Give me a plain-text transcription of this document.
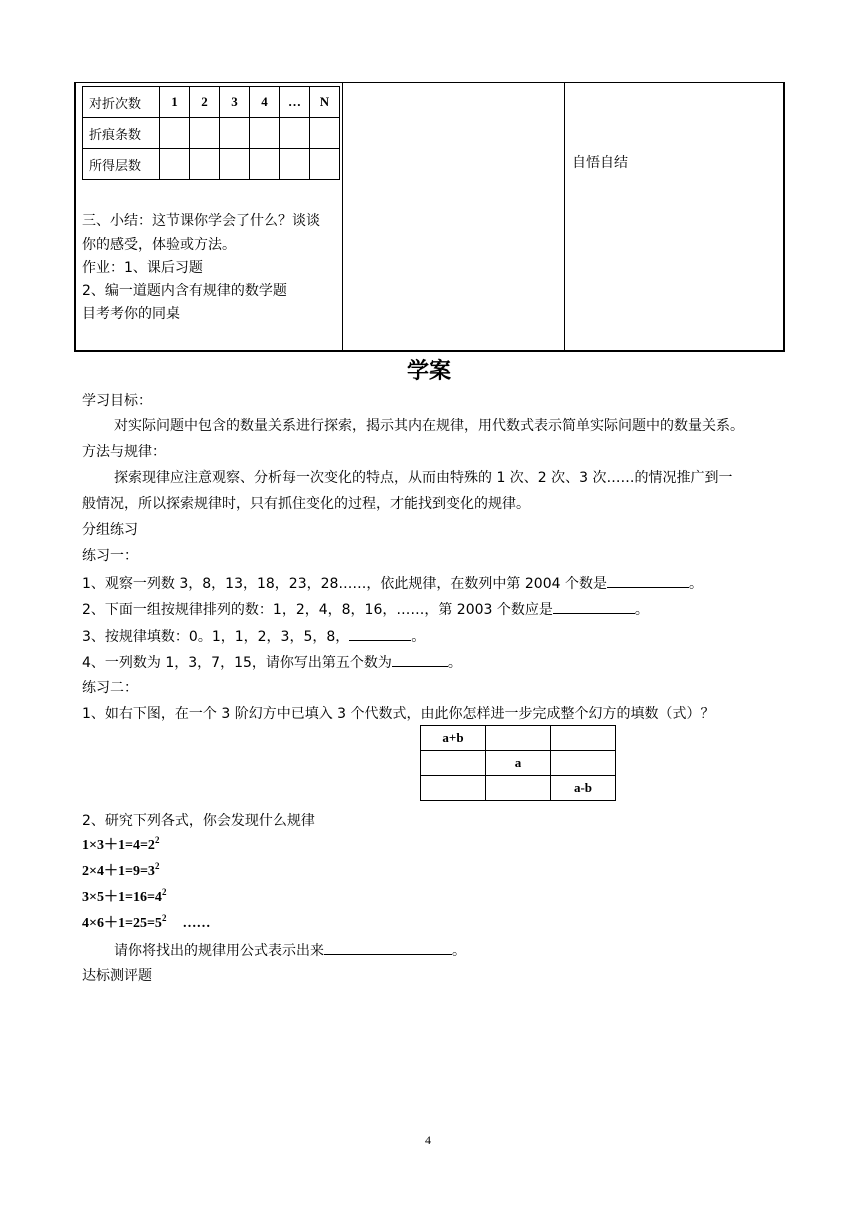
对折次数	1	2	3	4	…	N
折痕条数						
所得层数						
三、小结：这节课你学会了什么？谈谈
你的感受，体验或方法。
作业：1、课后习题
2、编一道题内含有规律的数学题
目考考你的同桌
自悟自结
学案
学习目标：
对实际问题中包含的数量关系进行探索，揭示其内在规律，用代数式表示简单实际问题中的数量关系。
方法与规律：
探索现律应注意观察、分析每一次变化的特点，从而由特殊的 1 次、2 次、3 次……的情况推广到一
般情况，所以探索规律时，只有抓住变化的过程，才能找到变化的规律。
分组练习
练习一：
1、观察一列数 3，8，13，18，23，28……，依此规律，在数列中第 2004 个数是	。
2、下面一组按规律排列的数：1，2，4，8，16，……，第 2003 个数应是	。
3、按规律填数：0。1，1，2，3，5，8，	。
4、一列数为 1，3，7，15，请你写出第五个数为	。
练习二：
1、如右下图，在一个 3 阶幻方中已填入 3 个代数式，由此你怎样进一步完成整个幻方的填数（式）？
a+b		
	a	
		a-b
2、研究下列各式，你会发现什么规律
$1\times 3+1=4=2^2$
$2\times 4+1=9=3^2$
$3\times 5+1=16=4^2$
$4\times 6+1=25=5^2$ ……
请你将找出的规律用公式表示出来	。
达标测评题
4
